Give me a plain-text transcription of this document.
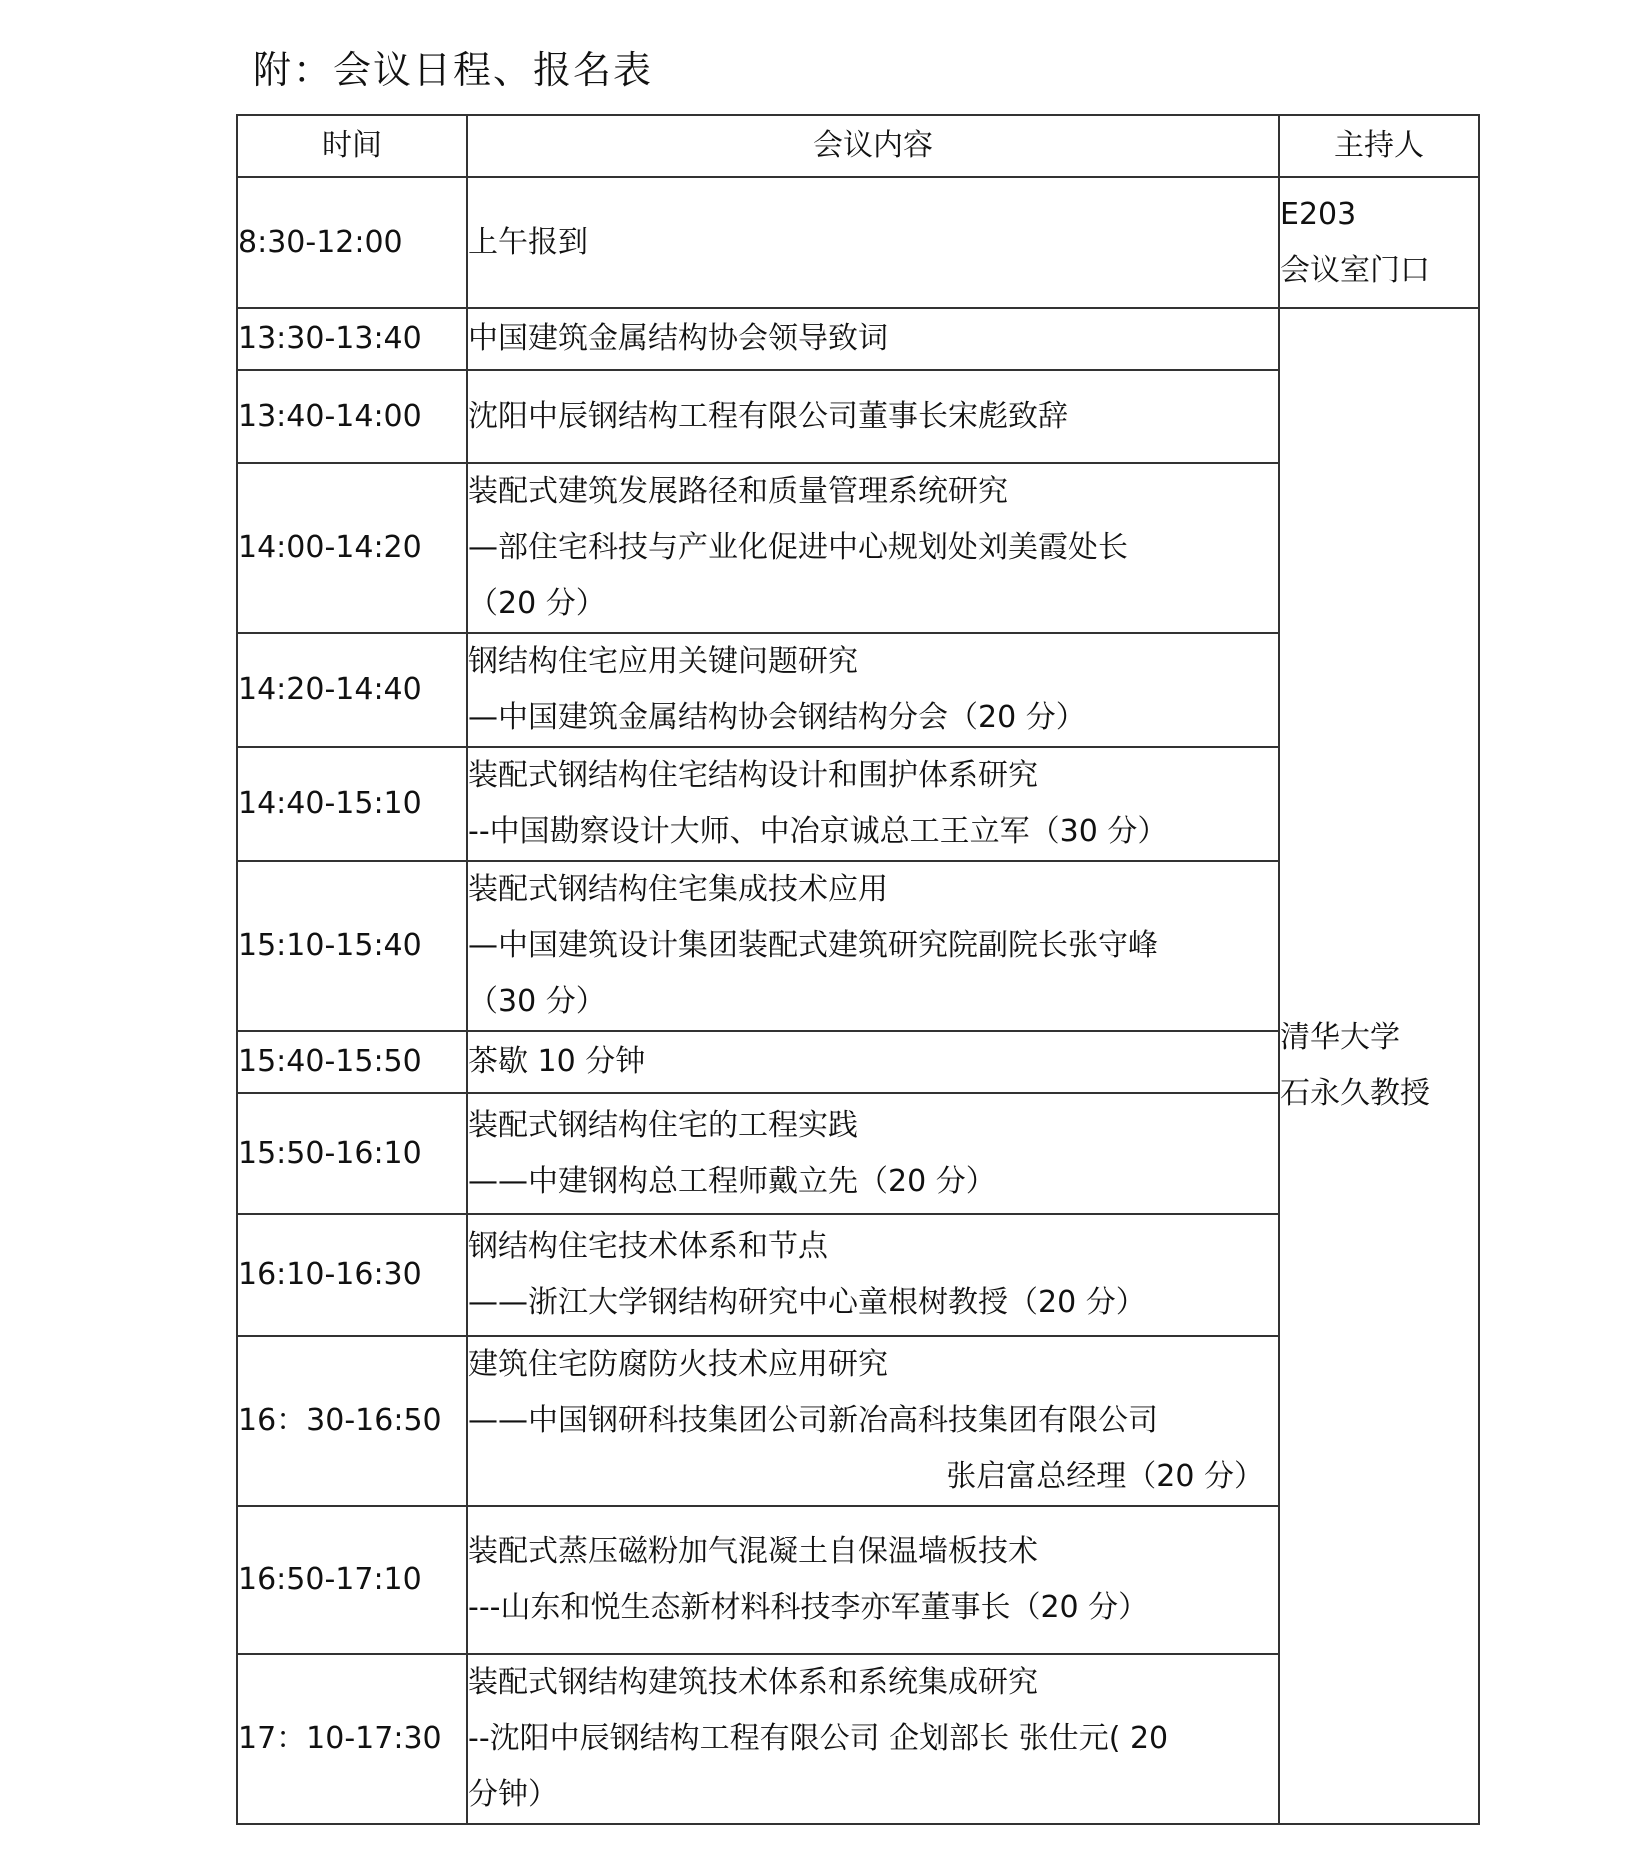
附：会议日程、报名表
时间	会议内容	主持人
8:30-12:00	上午报到	E203
会议室门口

13:30-13:40	中国建筑金属结构协会领导致词	清华大学
石永久教授

13:40-14:00	沈阳中辰钢结构工程有限公司董事长宋彪致辞	

14:00-14:20	装配式建筑发展路径和质量管理系统研究
—部住宅科技与产业化促进中心规划处刘美霞处长
（20 分）	

14:20-14:40	钢结构住宅应用关键问题研究
—中国建筑金属结构协会钢结构分会（20 分）	

14:40-15:10	装配式钢结构住宅结构设计和围护体系研究
--中国勘察设计大师、中冶京诚总工王立军（30 分）	

15:10-15:40	装配式钢结构住宅集成技术应用
—中国建筑设计集团装配式建筑研究院副院长张守峰
（30 分）	

15:40-15:50	茶歇 10 分钟	

15:50-16:10	装配式钢结构住宅的工程实践
——中建钢构总工程师戴立先（20 分）	

16:10-16:30	钢结构住宅技术体系和节点
——浙江大学钢结构研究中心童根树教授（20 分）	

16：30-16:50	建筑住宅防腐防火技术应用研究
——中国钢研科技集团公司新冶高科技集团有限公司
张启富总经理（20 分）	

16:50-17:10	装配式蒸压磁粉加气混凝土自保温墙板技术
---山东和悦生态新材料科技李亦军董事长（20 分）	

17：10-17:30	装配式钢结构建筑技术体系和系统集成研究
--沈阳中辰钢结构工程有限公司 企划部长 张仕元( 20
分钟）	
